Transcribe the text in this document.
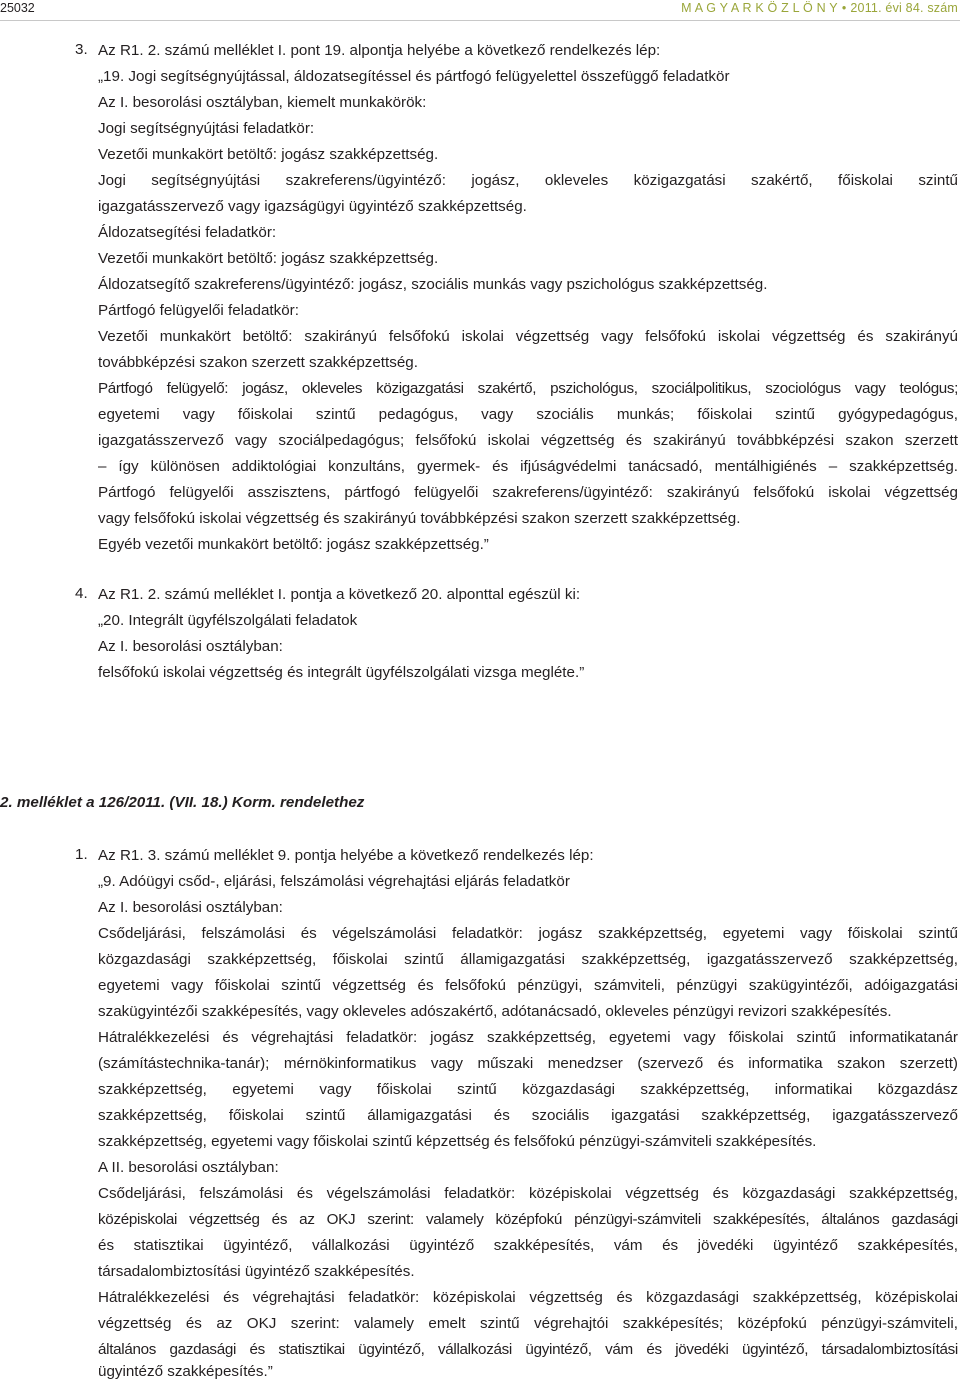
25032	M A G Y A R K Ö Z L Ö N Y • 2011. évi 84. szám
3. Az R1. 2. számú melléklet I. pont 19. alpontja helyébe a következő rendelkezés lép:
„19. Jogi segítségnyújtással, áldozatsegítéssel és pártfogó felügyelettel összefüggő feladatkör
Az I. besorolási osztályban, kiemelt munkakörök:
Jogi segítségnyújtási feladatkör:
Vezetői munkakört betöltő: jogász szakképzettség.
Jogi segítségnyújtási szakreferens/ügyintéző: jogász, okleveles közigazgatási szakértő, főiskolai szintű
igazgatásszervező vagy igazságügyi ügyintéző szakképzettség.
Áldozatsegítési feladatkör:
Vezetői munkakört betöltő: jogász szakképzettség.
Áldozatsegítő szakreferens/ügyintéző: jogász, szociális munkás vagy pszichológus szakképzettség.
Pártfogó felügyelői feladatkör:
Vezetői munkakört betöltő: szakirányú felsőfokú iskolai végzettség vagy felsőfokú iskolai végzettség és szakirányú
továbbképzési szakon szerzett szakképzettség.
Pártfogó felügyelő: jogász, okleveles közigazgatási szakértő, pszichológus, szociálpolitikus, szociológus vagy teológus;
egyetemi vagy főiskolai szintű pedagógus, vagy szociális munkás; főiskolai szintű gyógypedagógus,
igazgatásszervező vagy szociálpedagógus; felsőfokú iskolai végzettség és szakirányú továbbképzési szakon szerzett
– így különösen addiktológiai konzultáns, gyermek- és ifjúságvédelmi tanácsadó, mentálhigiénés – szakképzettség.
Pártfogó felügyelői asszisztens, pártfogó felügyelői szakreferens/ügyintéző: szakirányú felsőfokú iskolai végzettség
vagy felsőfokú iskolai végzettség és szakirányú továbbképzési szakon szerzett szakképzettség.
Egyéb vezetői munkakört betöltő: jogász szakképzettség.”
4. Az R1. 2. számú melléklet I. pontja a következő 20. alponttal egészül ki:
„20. Integrált ügyfélszolgálati feladatok
Az I. besorolási osztályban:
felsőfokú iskolai végzettség és integrált ügyfélszolgálati vizsga megléte.”
2. melléklet a 126/2011. (VII. 18.) Korm. rendelethez
1. Az R1. 3. számú melléklet 9. pontja helyébe a következő rendelkezés lép:
„9. Adóügyi csőd-, eljárási, felszámolási végrehajtási eljárás feladatkör
Az I. besorolási osztályban:
Csődeljárási, felszámolási és végelszámolási feladatkör: jogász szakképzettség, egyetemi vagy főiskolai szintű
közgazdasági szakképzettség, főiskolai szintű államigazgatási szakképzettség, igazgatásszervező szakképzettség,
egyetemi vagy főiskolai szintű végzettség és felsőfokú pénzügyi, számviteli, pénzügyi szakügyintézői, adóigazgatási
szakügyintézői szakképesítés, vagy okleveles adószakértő, adótanácsadó, okleveles pénzügyi revizori szakképesítés.
Hátralékkezelési és végrehajtási feladatkör: jogász szakképzettség, egyetemi vagy főiskolai szintű informatikatanár
(számítástechnika-tanár); mérnökinformatikus vagy műszaki menedzser (szervező és informatika szakon szerzett)
szakképzettség, egyetemi vagy főiskolai szintű közgazdasági szakképzettség, informatikai közgazdász
szakképzettség, főiskolai szintű államigazgatási és szociális igazgatási szakképzettség, igazgatásszervező
szakképzettség, egyetemi vagy főiskolai szintű képzettség és felsőfokú pénzügyi-számviteli szakképesítés.
A II. besorolási osztályban:
Csődeljárási, felszámolási és végelszámolási feladatkör: középiskolai végzettség és közgazdasági szakképzettség,
középiskolai végzettség és az OKJ szerint: valamely középfokú pénzügyi-számviteli szakképesítés, általános gazdasági
és statisztikai ügyintéző, vállalkozási ügyintéző szakképesítés, vám és jövedéki ügyintéző szakképesítés,
társadalombiztosítási ügyintéző szakképesítés.
Hátralékkezelési és végrehajtási feladatkör: középiskolai végzettség és közgazdasági szakképzettség, középiskolai
végzettség és az OKJ szerint: valamely emelt szintű végrehajtói szakképesítés; középfokú pénzügyi-számviteli,
általános gazdasági és statisztikai ügyintéző, vállalkozási ügyintéző, vám és jövedéki ügyintéző, társadalombiztosítási
ügyintéző szakképesítés.”
